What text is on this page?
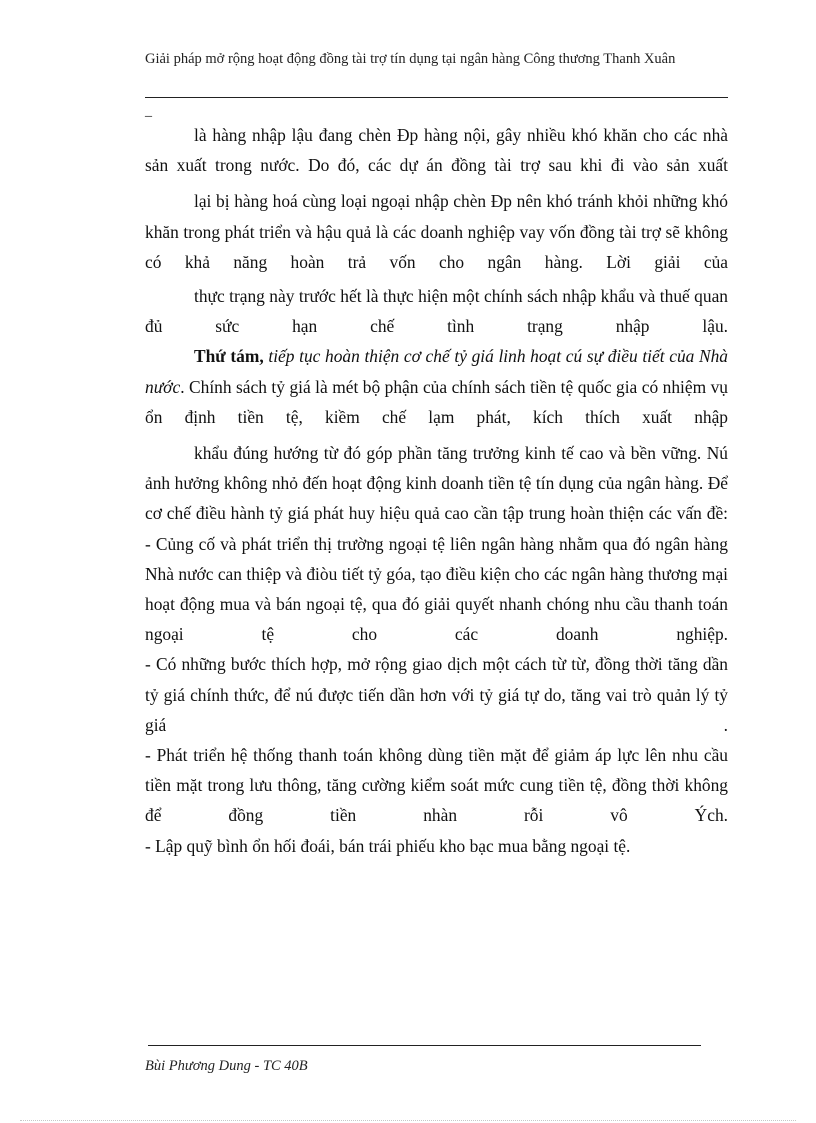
Giải pháp mở rộng hoạt động đồng tài trợ tín dụng tại ngân hàng Công thương Thanh Xuân
_

là hàng nhập lậu đang chèn Ðp hàng nội, gây nhiều khó khăn cho các nhà sản xuất trong nước. Do đó, các dự án đồng tài trợ sau khi đi vào sản xuất

lại bị hàng hoá cùng loại ngoại nhập chèn Ðp nên khó tránh khỏi những khó khăn trong phát triển và hậu quả là các doanh nghiệp vay vốn đồng tài trợ sẽ không có khả năng hoàn trả vốn cho ngân hàng. Lời giải của

thực trạng này trước hết là thực hiện một chính sách nhập khẩu và thuế quan đủ sức hạn chế tình trạng nhập lậu.

Thứ tám, tiếp tục hoàn thiện cơ chế tỷ giá linh hoạt cú sự điều tiết của Nhà nước. Chính sách tỷ giá là mét bộ phận của chính sách tiền tệ quốc gia có nhiệm vụ ổn định tiền tệ, kiềm chế lạm phát, kích thích xuất nhập

khẩu đúng hướng từ đó góp phần tăng trưởng kinh tế cao và bền vững. Nú ảnh hưởng không nhỏ đến hoạt động kinh doanh tiền tệ tín dụng của ngân hàng. Để cơ chế điều hành tỷ giá phát huy hiệu quả cao cần tập trung hoàn thiện các vấn đề:

- Củng cố và phát triển thị trường ngoại tệ liên ngân hàng nhằm qua đó ngân hàng Nhà nước can thiệp và điòu tiết tỷ góa, tạo điều kiện cho các ngân hàng thương mại hoạt động mua và bán ngoại tệ, qua đó giải quyết nhanh chóng nhu cầu thanh toán ngoại tệ cho các doanh nghiệp.

- Có những bước thích hợp, mở rộng giao dịch một cách từ từ, đồng thời tăng dần tỷ giá chính thức, để nú được tiến dần hơn với tỷ giá tự do, tăng vai trò quản lý tỷ giá .

- Phát triển hệ thống thanh toán không dùng tiền mặt để giảm áp lực lên nhu cầu tiền mặt trong lưu thông, tăng cường kiểm soát mức cung tiền tệ, đồng thời không để đồng tiền nhàn rỗi vô Ých.

- Lập quỹ bình ổn hối đoái, bán trái phiếu kho bạc mua bằng ngoại tệ.

Bùi Phương Dung - TC 40B
